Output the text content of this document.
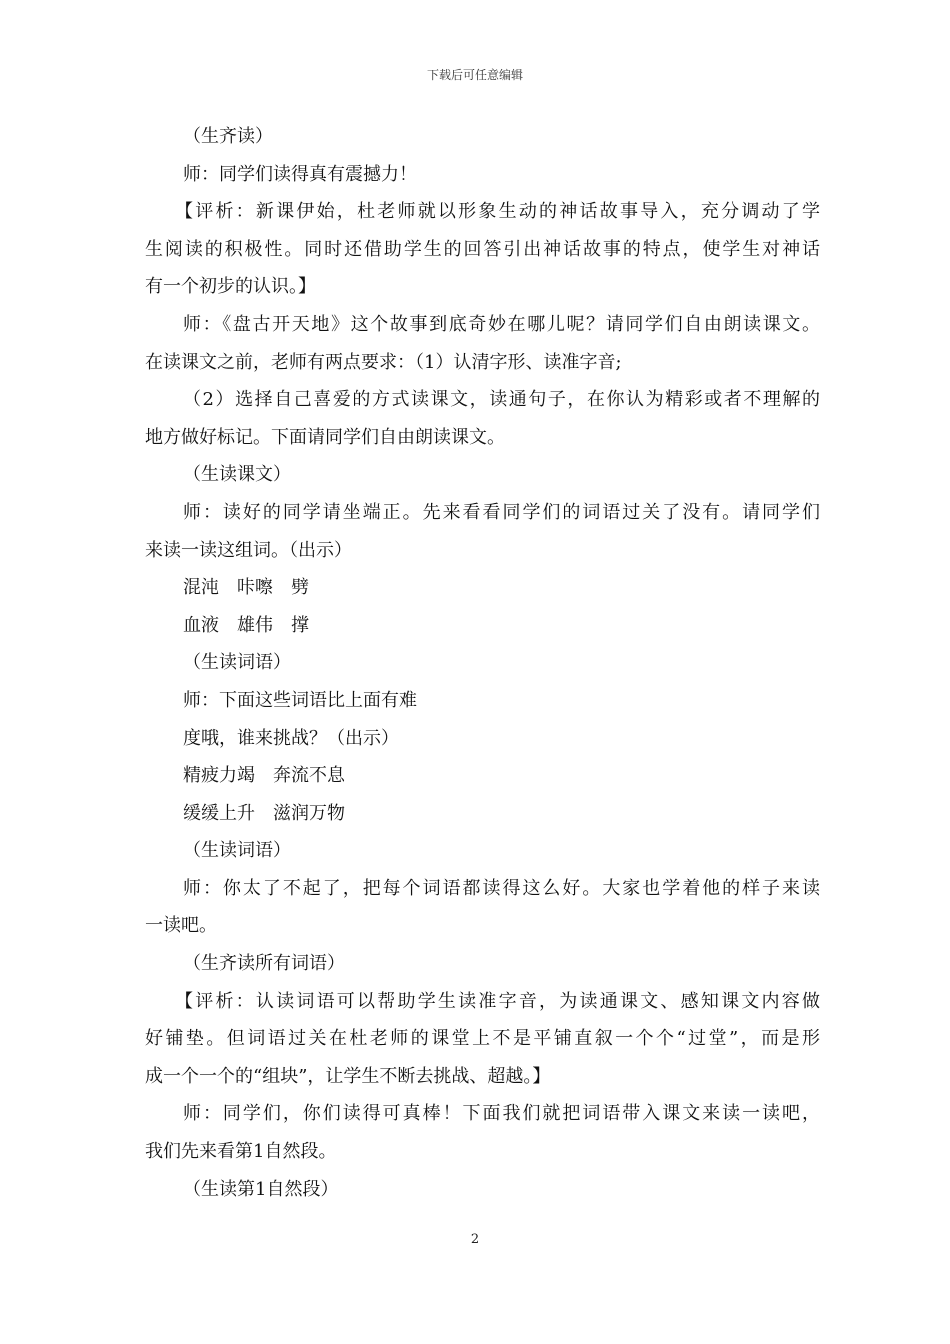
下载后可任意编辑
（生齐读）
师：同学们读得真有震撼力！
【评析：新课伊始，杜老师就以形象生动的神话故事导入，充分调动了学
生阅读的积极性。同时还借助学生的回答引出神话故事的特点，使学生对神话
有一个初步的认识。】
师：《盘古开天地》这个故事到底奇妙在哪儿呢？请同学们自由朗读课文。
在读课文之前，老师有两点要求：（1）认清字形、读准字音;
（2）选择自己喜爱的方式读课文，读通句子，在你认为精彩或者不理解的
地方做好标记。下面请同学们自由朗读课文。
（生读课文）
师：读好的同学请坐端正。先来看看同学们的词语过关了没有。请同学们
来读一读这组词。（出示）
混沌　咔嚓　劈
血液　雄伟　撑
（生读词语）
师：下面这些词语比上面有难
度哦，谁来挑战？（出示）
精疲力竭　奔流不息
缓缓上升　滋润万物
（生读词语）
师：你太了不起了，把每个词语都读得这么好。大家也学着他的样子来读
一读吧。
（生齐读所有词语）
【评析：认读词语可以帮助学生读准字音，为读通课文、感知课文内容做
好铺垫。但词语过关在杜老师的课堂上不是平铺直叙一个个“过堂”，而是形
成一个一个的“组块”，让学生不断去挑战、超越。】
师：同学们，你们读得可真棒！下面我们就把词语带入课文来读一读吧，
我们先来看第1自然段。
（生读第1自然段）
2
